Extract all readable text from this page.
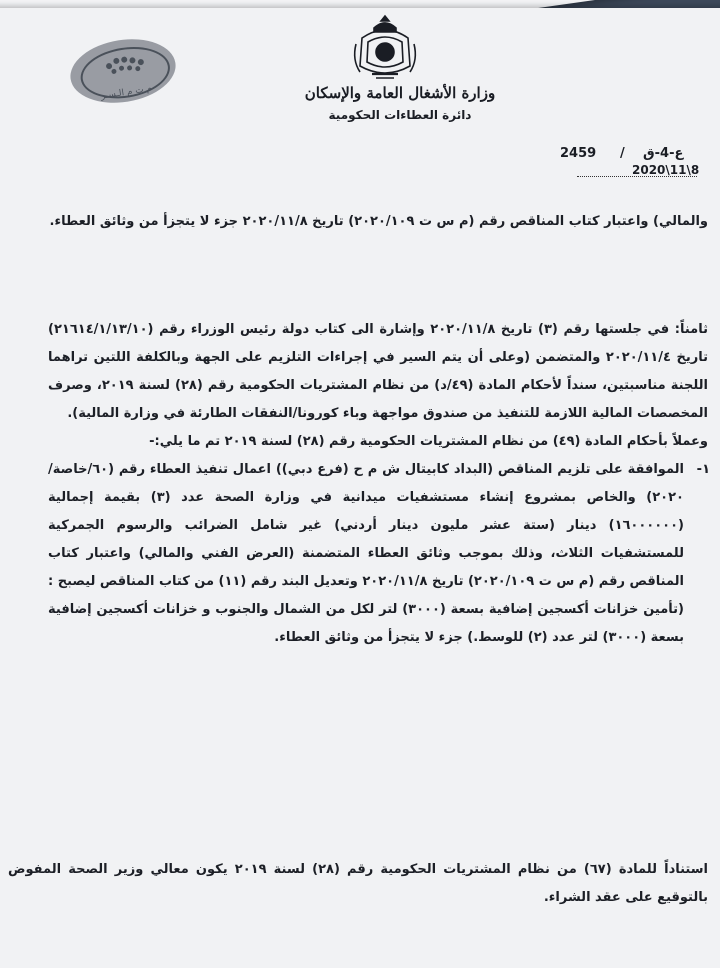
م ت م الـسـر	وزارة الأشغال العامة والإسكان
دائرة العطاءات الحكومية
2459 / ع-4-ق
2020\11\8

والمالي) واعتبار كتاب المناقص رقم (م س ت ٢٠٢٠/١٠٩) تاريخ ٢٠٢٠/١١/٨ جزء لا يتجزأ من وثائق العطاء.

ثامناً: في جلستها رقم (٣) تاريخ ٢٠٢٠/١١/٨ وإشارة الى كتاب دولة رئيس الوزراء رقم (٢١٦١٤/١/١٣/١٠) تاريخ ٢٠٢٠/١١/٤ والمتضمن (وعلى أن يتم السير في إجراءات التلزيم على الجهة وبالكلفة اللتين تراهما اللجنة مناسبتين، سنداً لأحكام المادة (٤٩/د) من نظام المشتريات الحكومية رقم (٢٨) لسنة ٢٠١٩، وصرف المخصصات المالية اللازمة للتنفيذ من صندوق مواجهة وباء كورونا/النفقات الطارئة في وزارة المالية).

وعملاً بأحكام المادة (٤٩) من نظام المشتريات الحكومية رقم (٢٨) لسنة ٢٠١٩ تم ما يلي:-

١-

الموافقة على تلزيم المناقص (البداد كابيتال ش م ح (فرع دبي)) اعمال تنفيذ العطاء رقم (٦٠/خاصة/٢٠٢٠) والخاص بمشروع إنشاء مستشفيات ميدانية في وزارة الصحة عدد (٣) بقيمة إجمالية (١٦٠٠٠٠٠٠) دينار (ستة عشر مليون دينار أردني) غير شامل الضرائب والرسوم الجمركية للمستشفيات الثلاث، وذلك بموجب وثائق العطاء المتضمنة (العرض الفني والمالي) واعتبار كتاب المناقص رقم (م س ت ٢٠٢٠/١٠٩) تاريخ ٢٠٢٠/١١/٨ وتعديل البند رقم (١١) من كتاب المناقص ليصبح : (تأمين خزانات أكسجين إضافية بسعة (٣٠٠٠) لتر لكل من الشمال والجنوب و خزانات أكسجين إضافية بسعة (٣٠٠٠) لتر عدد (٢) للوسط.) جزء لا يتجزأ من وثائق العطاء.

استناداً للمادة (٦٧) من نظام المشتريات الحكومية رقم (٢٨) لسنة ٢٠١٩ يكون معالي وزير الصحة المفوض بالتوقيع على عقد الشراء.
